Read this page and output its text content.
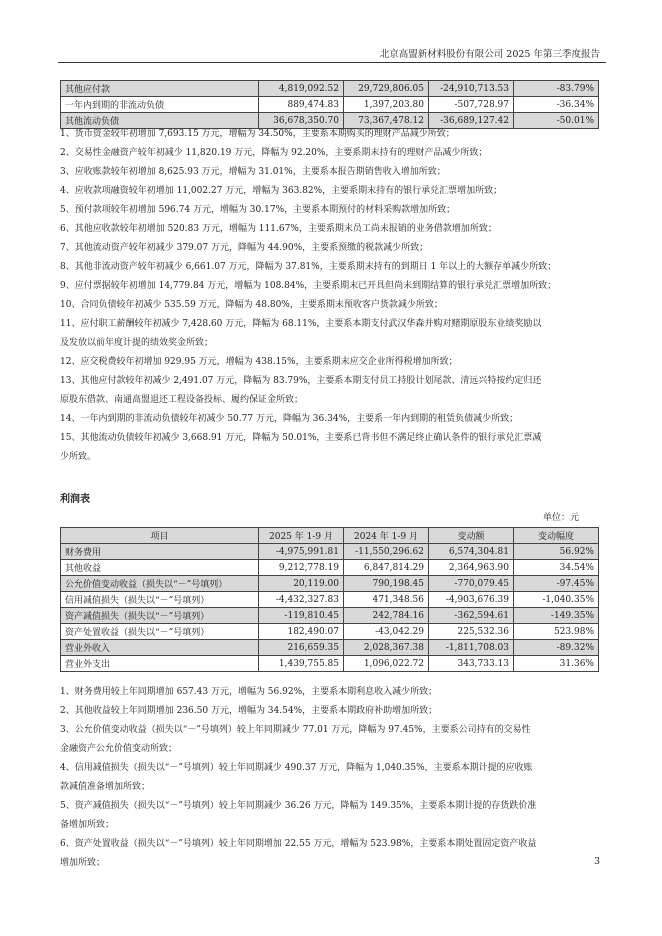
北京高盟新材料股份有限公司 2025 年第三季度报告
其他应付款	4,819,092.52	29,729,806.05	-24,910,713.53	-83.79%
一年内到期的非流动负债	889,474.83	1,397,203.80	-507,728.97	-36.34%
其他流动负债	36,678,350.70	73,367,478.12	-36,689,127.42	-50.01%

1、货币资金较年初增加 7,693.15 万元，增幅为 34.50%，主要系本期购买的理财产品减少所致；

2、交易性金融资产较年初减少 11,820.19 万元，降幅为 92.20%，主要系期末持有的理财产品减少所致；

3、应收账款较年初增加 8,625.93 万元，增幅为 31.01%，主要系本报告期销售收入增加所致；

4、应收款项融资较年初增加 11,002.27 万元，增幅为 363.82%，主要系期末持有的银行承兑汇票增加所致；

5、预付款项较年初增加 596.74 万元，增幅为 30.17%，主要系本期预付的材料采购款增加所致；

6、其他应收款较年初增加 520.83 万元，增幅为 111.67%，主要系期末员工尚未报销的业务借款增加所致；

7、其他流动资产较年初减少 379.07 万元，降幅为 44.90%，主要系预缴的税款减少所致；

8、其他非流动资产较年初减少 6,661.07 万元，降幅为 37.81%，主要系期末持有的到期日 1 年以上的大额存单减少所致；

9、应付票据较年初增加 14,779.84 万元，增幅为 108.84%，主要系期末已开具但尚未到期结算的银行承兑汇票增加所致；

10、合同负债较年初减少 535.59 万元，降幅为 48.80%，主要系期末预收客户货款减少所致；

11、应付职工薪酬较年初减少 7,428.60 万元，降幅为 68.11%，主要系本期支付武汉华森并购对赌期原股东业绩奖励以

及发放以前年度计提的绩效奖金所致；

12、应交税费较年初增加 929.95 万元，增幅为 438.15%，主要系期末应交企业所得税增加所致；

13、其他应付款较年初减少 2,491.07 万元，降幅为 83.79%，主要系本期支付员工持股计划尾款、清远兴特按约定归还

原股东借款、南通高盟退还工程设备投标、履约保证金所致；

14、一年内到期的非流动负债较年初减少 50.77 万元，降幅为 36.34%，主要系一年内到期的租赁负债减少所致；

15、其他流动负债较年初减少 3,668.91 万元，降幅为 50.01%，主要系已背书但不满足终止确认条件的银行承兑汇票减

少所致。

利润表
单位：元
项目	2025 年 1-9 月	2024 年 1-9 月	变动额	变动幅度
财务费用	-4,975,991.81	-11,550,296.62	6,574,304.81	56.92%
其他收益	9,212,778.19	6,847,814.29	2,364,963.90	34.54%
公允价值变动收益（损失以“－”号填列）	20,119.00	790,198.45	-770,079.45	-97.45%
信用减值损失（损失以“－”号填列）	-4,432,327.83	471,348.56	-4,903,676.39	-1,040.35%
资产减值损失（损失以“－”号填列）	-119,810.45	242,784.16	-362,594.61	-149.35%
资产处置收益（损失以“－”号填列）	182,490.07	-43,042.29	225,532.36	523.98%
营业外收入	216,659.35	2,028,367.38	-1,811,708.03	-89.32%
营业外支出	1,439,755.85	1,096,022.72	343,733.13	31.36%

1、财务费用较上年同期增加 657.43 万元，增幅为 56.92%，主要系本期利息收入减少所致；

2、其他收益较上年同期增加 236.50 万元，增幅为 34.54%，主要系本期政府补助增加所致；

3、公允价值变动收益（损失以“－”号填列）较上年同期减少 77.01 万元，降幅为 97.45%，主要系公司持有的交易性

金融资产公允价值变动所致；

4、信用减值损失（损失以“－”号填列）较上年同期减少 490.37 万元，降幅为 1,040.35%，主要系本期计提的应收账

款减值准备增加所致；

5、资产减值损失（损失以“－”号填列）较上年同期减少 36.26 万元，降幅为 149.35%，主要系本期计提的存货跌价准

备增加所致；

6、资产处置收益（损失以“－”号填列）较上年同期增加 22.55 万元，增幅为 523.98%，主要系本期处置固定资产收益

增加所致；	3
